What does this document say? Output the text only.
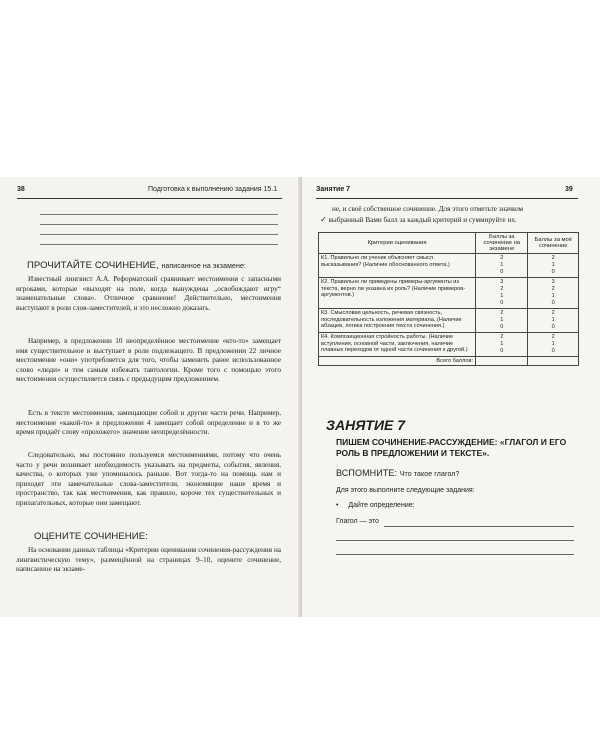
38	Подготовка к выполнению задания 15.1
ПРОЧИТАЙТЕ СОЧИНЕНИЕ, написанное на экзамене:

Известный лингвист А.А. Реформатский сравнивает местоимения с запасными игроками, которые «выходят на поле, когда вынуждены „освобождают игру“ знаменательные слова». Отличное сравнение! Действительно, местоимения выступают в роли слов-заместителей, и это несложно доказать.

Например, в предложении 10 неопределённое местоимение «кто-то» замещает имя существительное и выступает в роли подлежащего. В предложении 22 личное местоимение «они» употребляется для того, чтобы заменить ранее использованное слово «люди» и тем самым избежать тавтологии. Кроме того с помощью этого местоимения осуществляется связь с предыдущим предложением.

Есть в тексте местоимения, замещающие собой и другие части речи. Например, местоимение «какой-то» в предложении 4 замещает собой определение и в то же время придаёт слову «прохожего» значение неопределённости.

Следовательно, мы постоянно пользуемся местоимениями, потому что очень часто у речи возникает необходимость указывать на предметы, события, явления, качества, о которых уже упоминалось раньше. Вот тогда-то на помощь нам и приходят эти замечательные слова-заместители, экономящие наше время и пространство, так как местоимения, как правило, короче тех существительных и прилагательных, которые они замещают.

ОЦЕНИТЕ СОЧИНЕНИЕ:

На основании данных таблицы «Критерии оценивания сочинения-рассуждения на лингвистическую тему», размещённой на страницах 9–10, оцените сочинение, написанное на экзаме-

Занятие 7	39
не, и своё собственное сочинение. Для этого отметьте значком
✓ выбранный Вами балл за каждый критерий и суммируйте их.
Критерии оценивания	Баллы за сочинение на экзамене	Баллы за моё сочинение
К1. Правильно ли ученик объясняет смысл высказывания? (Наличие обоснованного ответа.)	2
1
0	2
1
0
К2. Правильно ли приведены примеры-аргументы из текста, верно ли указана их роль? (Наличие примеров-аргументов.)	3
2
1
0	3
2
1
0
К3. Смысловая цельность, речевая связность, последовательность изложения материала. (Наличие абзацев, логика построения текста сочинения.)	2
1
0	2
1
0
К4. Композиционная стройность работы. (Наличие вступления, основной части, заключения, наличие плавных переходов от одной части сочинения к другой.)	2
1
0	2
1
0
Всего баллов:		
ЗАНЯТИЕ 7
ПИШЕМ СОЧИНЕНИЕ-РАССУЖДЕНИЕ: «ГЛАГОЛ И ЕГО РОЛЬ В ПРЕДЛОЖЕНИИ И ТЕКСТЕ».
ВСПОМНИТЕ: Что такое глагол?
Для этого выполните следующие задания:
• Дайте определение:
Глагол — это
